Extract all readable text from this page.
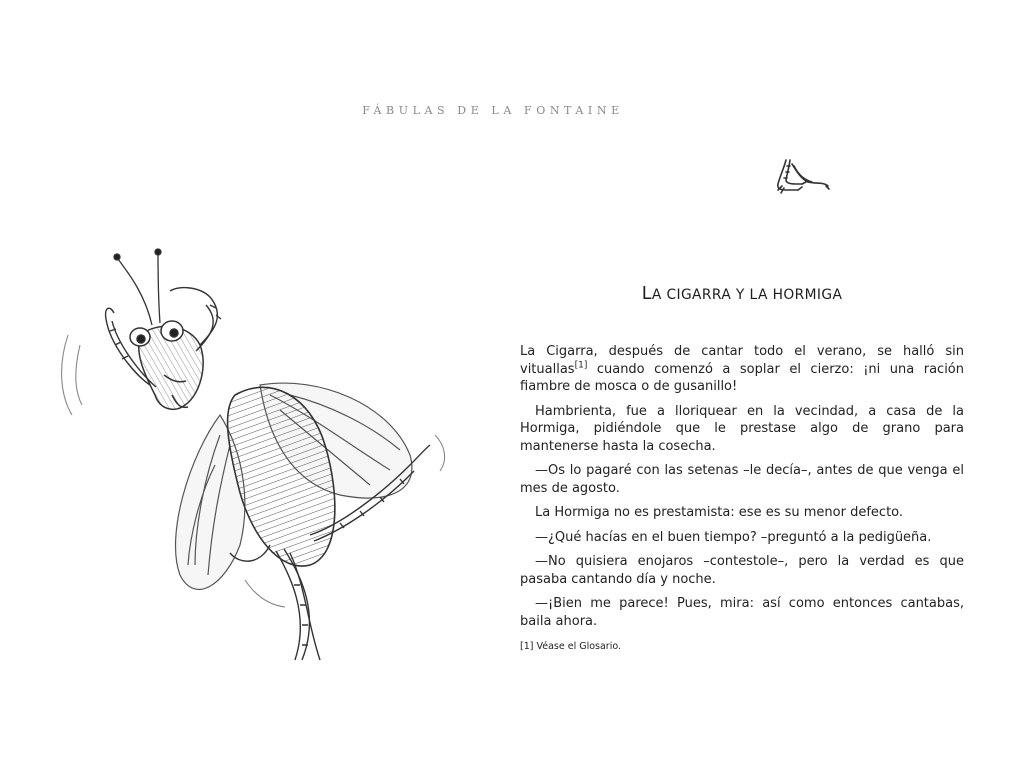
FÁBULAS DE LA FONTAINE
LA CIGARRA Y LA HORMIGA

La Cigarra, después de cantar todo el verano, se halló sin vituallas[1] cuando comenzó a soplar el cierzo: ¡ni una ración fiambre de mosca o de gusanillo!

Hambrienta, fue a lloriquear en la vecindad, a casa de la Hormiga, pidiéndole que le prestase algo de grano para mantenerse hasta la cosecha.

—Os lo pagaré con las setenas –le decía–, antes de que venga el mes de agosto.

La Hormiga no es prestamista: ese es su menor defecto.

—¿Qué hacías en el buen tiempo? –preguntó a la pedigüeña.

—No quisiera enojaros –contestole–, pero la verdad es que pasaba cantando día y noche.

—¡Bien me parece! Pues, mira: así como entonces cantabas, baila ahora.

[1] Véase el Glosario.
